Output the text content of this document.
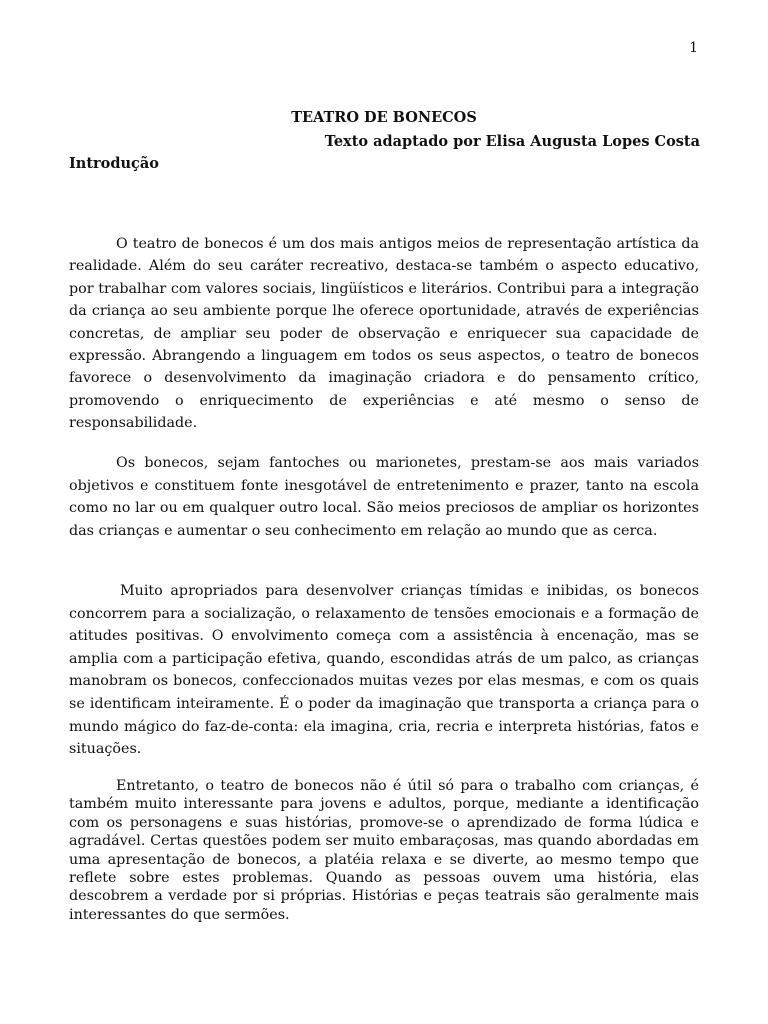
1
TEATRO DE BONECOS
Texto adaptado por Elisa Augusta Lopes Costa
Introdução

O teatro de bonecos é um dos mais antigos meios de representação artística da realidade. Além do seu caráter recreativo, destaca-se também o aspecto educativo, por trabalhar com valores sociais, lingüísticos e literários. Contribui para a integração da criança ao seu ambiente porque lhe oferece oportunidade, através de experiências concretas, de ampliar seu poder de observação e enriquecer sua capacidade de expressão. Abrangendo a linguagem em todos os seus aspectos, o teatro de bonecos favorece o desenvolvimento da imaginação criadora e do pensamento crítico, promovendo o enriquecimento de experiências e até mesmo o senso de responsabilidade.

Os bonecos, sejam fantoches ou marionetes, prestam-se aos mais variados objetivos e constituem fonte inesgotável de entretenimento e prazer, tanto na escola como no lar ou em qualquer outro local. São meios preciosos de ampliar os horizontes das crianças e aumentar o seu conhecimento em relação ao mundo que as cerca.

Muito apropriados para desenvolver crianças tímidas e inibidas, os bonecos concorrem para a socialização, o relaxamento de tensões emocionais e a formação de atitudes positivas. O envolvimento começa com a assistência à encenação, mas se amplia com a participação efetiva, quando, escondidas atrás de um palco, as crianças manobram os bonecos, confeccionados muitas vezes por elas mesmas, e com os quais se identificam inteiramente. É o poder da imaginação que transporta a criança para o mundo mágico do faz-de-conta: ela imagina, cria, recria e interpreta histórias, fatos e situações.

Entretanto, o teatro de bonecos não é útil só para o trabalho com crianças, é também muito interessante para jovens e adultos, porque, mediante a identificação com os personagens e suas histórias, promove-se o aprendizado de forma lúdica e agradável. Certas questões podem ser muito embaraçosas, mas quando abordadas em uma apresentação de bonecos, a platéia relaxa e se diverte, ao mesmo tempo que reflete sobre estes problemas. Quando as pessoas ouvem uma história, elas descobrem a verdade por si próprias. Histórias e peças teatrais são geralmente mais interessantes do que sermões.
